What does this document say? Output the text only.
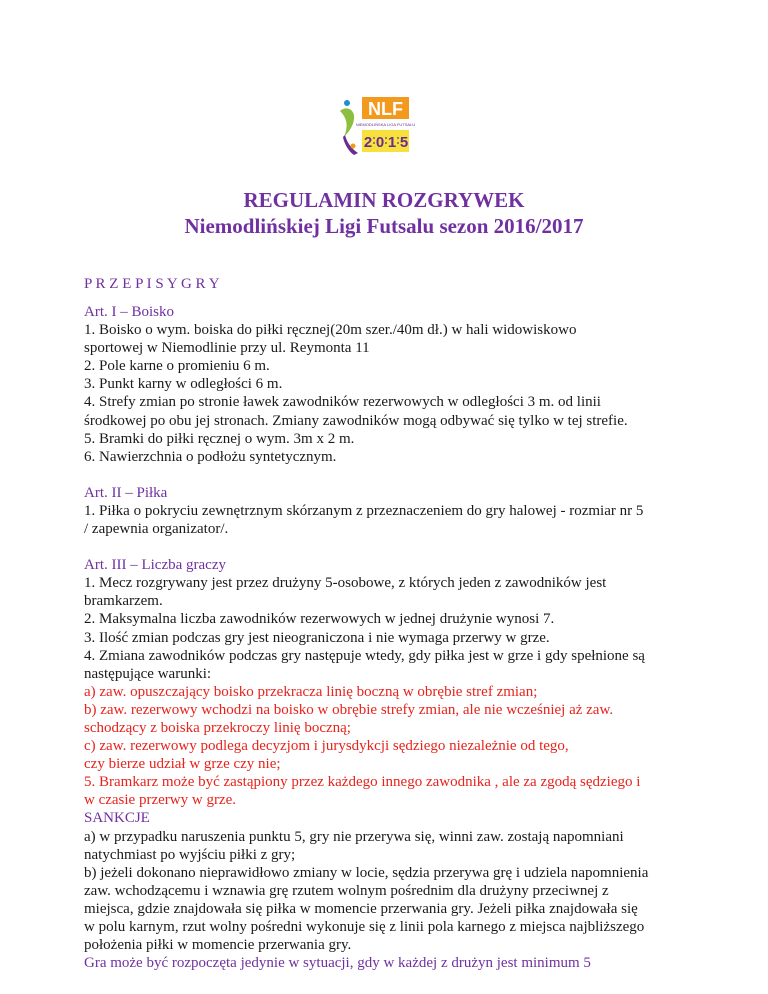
NLF
NIEMODLIŃSKA LIGA FUTSALU
2 0 1 5
REGULAMIN ROZGRYWEK
Niemodlińskiej Ligi Futsalu sezon 2016/2017

P R Z E P I S Y G R Y

Art. I – Boisko
1. Boisko o wym. boiska do piłki ręcznej(20m szer./40m dł.) w hali widowiskowo
sportowej w Niemodlinie przy ul. Reymonta 11
2. Pole karne o promieniu 6 m.
3. Punkt karny w odległości 6 m.
4. Strefy zmian po stronie ławek zawodników rezerwowych w odległości 3 m. od linii
środkowej po obu jej stronach. Zmiany zawodników mogą odbywać się tylko w tej strefie.
5. Bramki do piłki ręcznej o wym. 3m x 2 m.
6. Nawierzchnia o podłożu syntetycznym.
Art. II – Piłka
1. Piłka o pokryciu zewnętrznym skórzanym z przeznaczeniem do gry halowej - rozmiar nr 5
/ zapewnia organizator/.
Art. III – Liczba graczy
1. Mecz rozgrywany jest przez drużyny 5-osobowe, z których jeden z zawodników jest
bramkarzem.
2. Maksymalna liczba zawodników rezerwowych w jednej drużynie wynosi 7.
3. Ilość zmian podczas gry jest nieograniczona i nie wymaga przerwy w grze.
4. Zmiana zawodników podczas gry następuje wtedy, gdy piłka jest w grze i gdy spełnione są
następujące warunki:
a) zaw. opuszczający boisko przekracza linię boczną w obrębie stref zmian;
b) zaw. rezerwowy wchodzi na boisko w obrębie strefy zmian, ale nie wcześniej aż zaw.
schodzący z boiska przekroczy linię boczną;
c) zaw. rezerwowy podlega decyzjom i jurysdykcji sędziego niezależnie od tego,
czy bierze udział w grze czy nie;
5. Bramkarz może być zastąpiony przez każdego innego zawodnika , ale za zgodą sędziego i
w czasie przerwy w grze.
SANKCJE
a) w przypadku naruszenia punktu 5, gry nie przerywa się, winni zaw. zostają napomniani
natychmiast po wyjściu piłki z gry;
b) jeżeli dokonano nieprawidłowo zmiany w locie, sędzia przerywa grę i udziela napomnienia
zaw. wchodzącemu i wznawia grę rzutem wolnym pośrednim dla drużyny przeciwnej z
miejsca, gdzie znajdowała się piłka w momencie przerwania gry. Jeżeli piłka znajdowała się
w polu karnym, rzut wolny pośredni wykonuje się z linii pola karnego z miejsca najbliższego
położenia piłki w momencie przerwania gry.
Gra może być rozpoczęta jedynie w sytuacji, gdy w każdej z drużyn jest minimum 5
